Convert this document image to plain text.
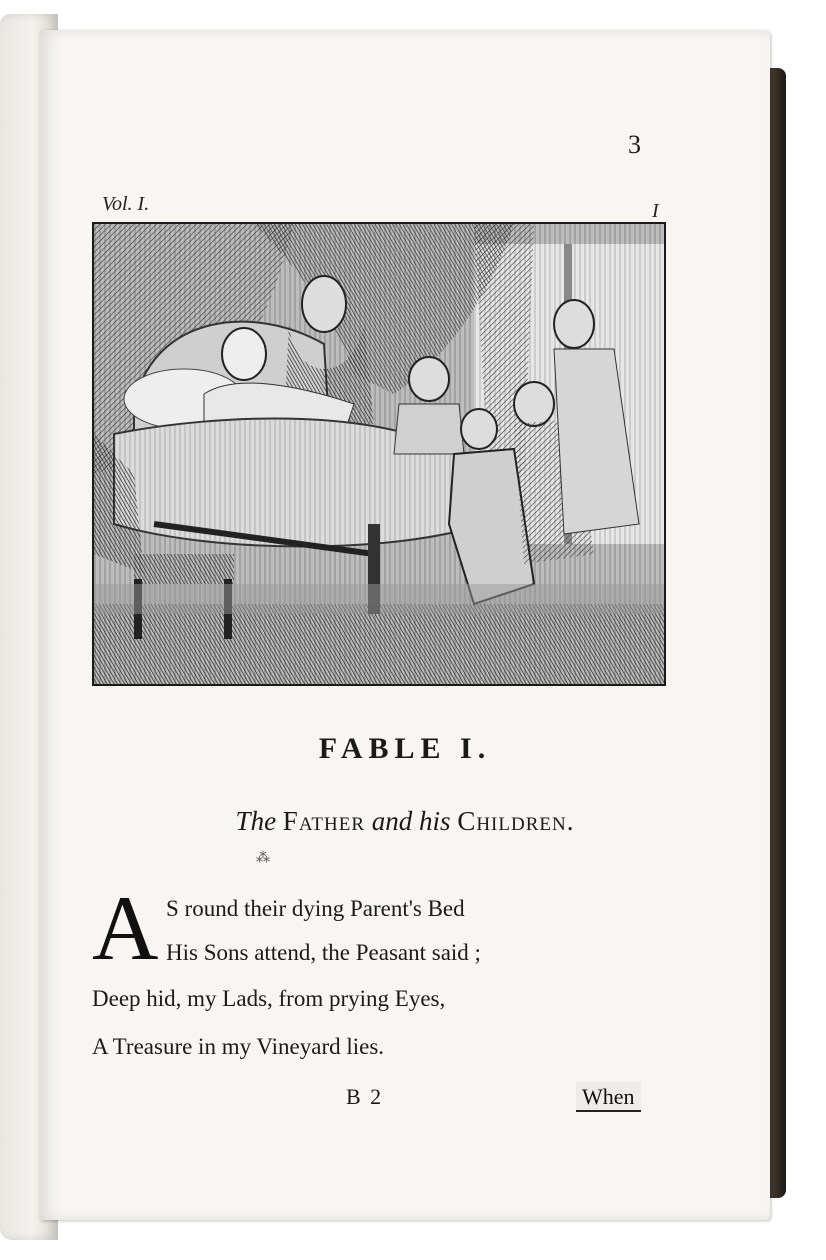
3
Vol. I.	I
FABLE I.
The Father and his Children.
⁂
A S round their dying Parent's Bed
His Sons attend, the Peasant said ;
Deep hid, my Lads, from prying Eyes,
A Treasure in my Vineyard lies.
B 2	When
